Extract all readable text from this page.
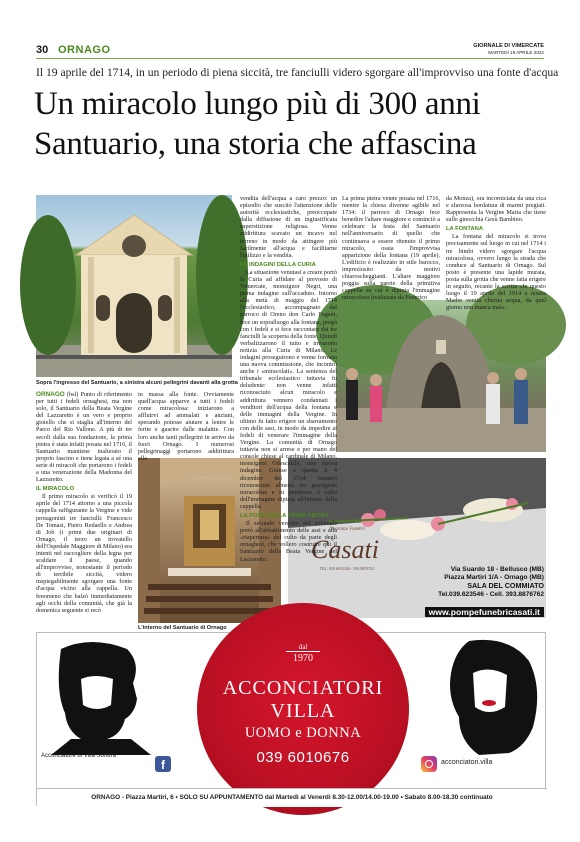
30 ORNAGO	GIORNALE DI VIMERCATE
MARTEDÌ 19 APRILE 2022
Il 19 aprile del 1714, in un periodo di piena siccità, tre fanciulli videro sgorgare all'improvviso una fonte d'acqua
Un miracolo lungo più di 300 anni
Santuario, una storia che affascina
Sopra l'ingresso del Santuario, a sinistra alcuni pellegrini davanti alla grotta
L'interno del Santuario di Ornago
Onoranze Funebri
Casati
TEL. 039 6833346 - 393 8876762	Via Suardo 18 - Bellusco (MB)
Piazza Martiri 1/A - Ornago (MB)
SALA DEL COMMIATO
Tel.039.623546 - Cell. 393.8876762
www.pompefunebricasati.it

ORNAGO (bsl) Punto di riferimento per tutti i fedeli ornaghesi, ma non solo, il Santuario della Beata Vergine del Lazzaretto è un vero e proprio gioiello che si staglia all'interno del Parco del Rio Vallone. A più di tre secoli dalla sua fondazione, la prima pietra è stata infatti posata nel 1716, il Santuario mantiene inalterato il proprio fascino e tiene legata a sé una serie di miracoli che portarono i fedeli a una venerazione della Madonna del Lazzaretto.

IL MIRACOLO

Il primo miracolo si verificò il 19 aprile del 1714 attorno a una piccola cappella raffigurante la Vergine e vide protagonisti tre fanciulli: Francesco De Tomasi, Pietro Redaello e Andrea di Job (i primi due originari di Ornago, il terzo un trovatello dell'Ospedale Maggiore di Milano) era intenti nel raccogliere della legna per scaldare il paese, quando all'improvviso, nonostante il periodo di terribile siccità, videro inspiegabilmente sgorgare una fonte d'acqua vicino alla cappella. Un fenomeno che balzò immediatamente agli occhi della comunità, che già la domenica seguente si recò

in massa alla fonte. Ovviamente quell'acqua apparve a tutti i fedeli come miracolosa: iniziarono a affluirvi ad ammalati e anziani, sperando potesse aiutare a lenire le ferite e guarire dalle malattie. Con loro anche tanti pellegrini in arrivo da fuori Ornago. I numerosi pellegrinaggi portarono addirittura alla

vendita dell'acqua a caro prezzo: un episodio che suscitò l'attenzione delle autorità ecclesiastiche, preoccupate dalla diffusione di un ingiustificata superstizione religiosa. Venne addirittura scavato un incavo nel terreno in modo da attingere più facilmente all'acqua e facilitarne l'utilizzo e la vendita.

LE INDAGINI DELLA CURIA

La situazione venutasi a creare portò la Curia ad affidare al prevosto di Vimercate, monsignor Negri, una prima indagine sull'accaduto. Intorno alla metà di maggio del 1714 l'ecclesiastico, accompagnato dal parroco di Oreno don Carlo Pagani, fece un sopralluogo alla fontana, pregò con i fedeli e si fece raccontare dai tre fanciulli la scoperta della fonte. Quindi verbalizzarono il tutto e inviarono notizia alla Curia di Milano. Le indagini proseguirono e venne formata una nuova commissione, che incontrò anche i «miracolati». La sentenza del tribunale ecclesiastico tuttavia fu deludente: non venne infatti riconosciuto alcun miracolo e addirittura vennero condannati i venditori dell'acqua della fontana e delle immagini della Vergine. In ultimo fu fatto erigere un sbarramento con delle assi, in modo da impedire ai fedeli di venerare l'immagine della Vergine. La comunità di Ornago tuttavia non si arrese e per mano del console chiese al cardinale di Milano, monsignor Odescalchi, una nuova indagine. Giunse a questa il 4 dicembre del 1714 vennero riconosciute almeno tre guarigioni miracolose e fu permesso il culto dell'immagine dipinta all'interno della cappella.

LA POSA DELLA PRIMA PIETRA

Il secondo verdetto del tribunale portò all'abbattimento delle assi e alla «riapertura» del culto da parte degli ornaghesi, che vollero costruire qui il Santuario della Beata Vergine del Lazzaretto.

La prima pietra venne posata nel 1716, mentre la chiesa divenne agibile nel 1734: il parroco di Ornago fece benedire l'altare maggiore e cominciò a celebrare la festa del Santuario nell'anniversario di quello che continuava a essere ritenuto il primo miracolo, ossia l'improvvisa apparizione della fontana (19 aprile). L'edificio è realizzato in stile barocco, impreziosito da motivi chiaroscheggianti. L'altare maggiore poggia sulla parete della primitiva cappella su cui è dipinta l'immagine miracolosa (realizzata da Federico

da Monza), ora incorniciata da una cica e sfarzosa bordatura di marmi pregiati. Rappresenta la Vergine Maria che tiene sulle ginocchia Gesù Bambino.

LA FONTANA

La fontana del miracolo si trova precisamente sul luogo in cui nel 1714 i tre bimbi videro sgorgare l'acqua miracolosa, ovvero lungo la strada che conduce al Santuario di Ornago. Sul posto è presente una lapide murata, posta sulla grotta che venne fatta erigere in seguito, recante la scritta «In questo luogo il 19 aprile del 1914 a nostra Madre venita chiesta acqua, da quel giorno non manca mai».

dal
1970
ACCONCIATORI
VILLA
UOMO e DONNA
039 6010676
Acconciature di Villa Sondra
f	acconciatori.villa
ORNAGO - Piazza Martiri, 6 • SOLO SU APPUNTAMENTO dal Martedì al Venerdì 8.30-12.00/14.00-19.00 • Sabato 8.00-18.30 continuato
